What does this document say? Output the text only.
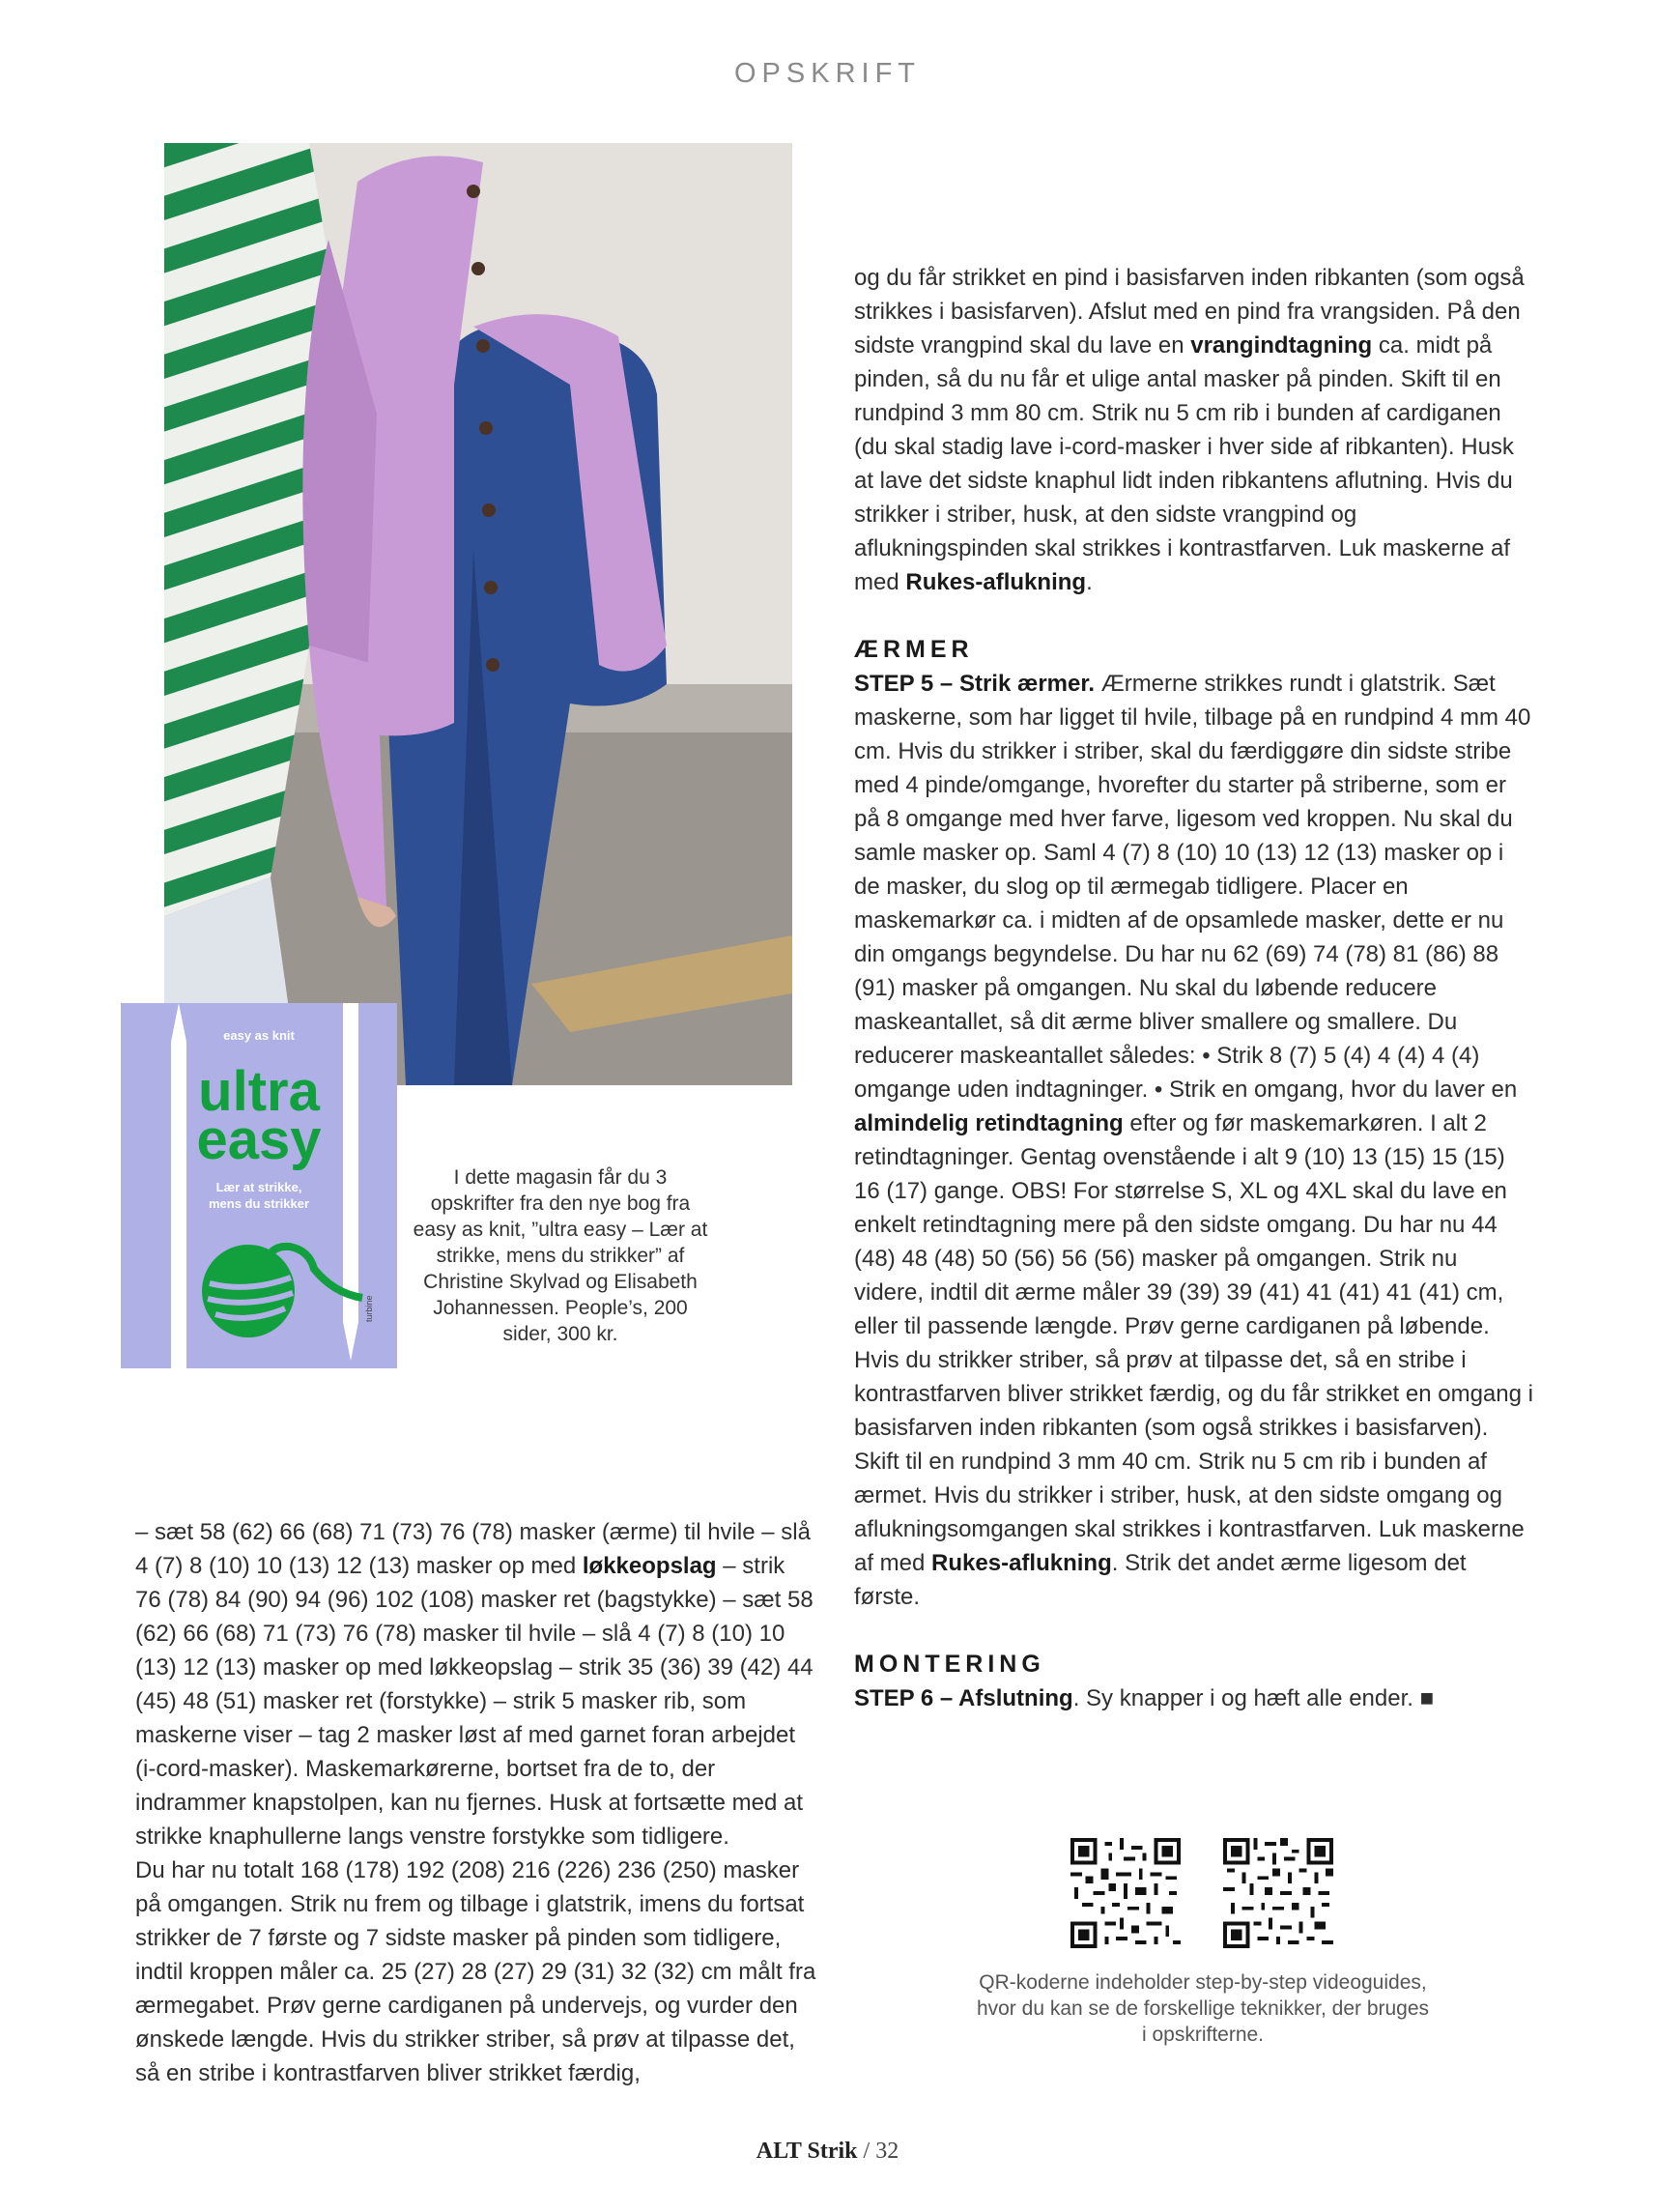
OPSKRIFT
easy as knit
ultra
easy
Lær at strikke,
mens du strikker
turbine
I dette magasin får du 3 opskrifter fra den nye bog fra easy as knit, ”ultra easy – Lær at strikke, mens du strikker” af Christine Skylvad og Elisabeth Johannessen. People’s, 200 sider, 300 kr.

og du får strikket en pind i basisfarven inden ribkanten (som også strikkes i basisfarven). Afslut med en pind fra vrangsiden. På den sidste vrangpind skal du lave en vrangindtagning ca. midt på pinden, så du nu får et ulige antal masker på pinden. Skift til en rundpind 3 mm 80 cm. Strik nu 5 cm rib i bunden af cardiganen (du skal stadig lave i-cord-masker i hver side af ribkanten). Husk at lave det sidste knaphul lidt inden ribkantens aflutning. Hvis du strikker i striber, husk, at den sidste vrangpind og aflukningspinden skal strikkes i kontrastfarven. Luk maskerne af med Rukes-aflukning.

ÆRMER

STEP 5 – Strik ærmer. Ærmerne strikkes rundt i glatstrik. Sæt maskerne, som har ligget til hvile, tilbage på en rundpind 4 mm 40 cm. Hvis du strikker i striber, skal du færdiggøre din sidste stribe med 4 pinde/omgange, hvorefter du starter på striberne, som er på 8 omgange med hver farve, ligesom ved kroppen. Nu skal du samle masker op. Saml 4 (7) 8 (10) 10 (13) 12 (13) masker op i de masker, du slog op til ærmegab tidligere. Placer en maskemarkør ca. i midten af de opsamlede masker, dette er nu din omgangs begyndelse. Du har nu 62 (69) 74 (78) 81 (86) 88 (91) masker på omgangen. Nu skal du løbende reducere maskeantallet, så dit ærme bliver smallere og smallere. Du reducerer maskeantallet således: • Strik 8 (7) 5 (4) 4 (4) 4 (4) omgange uden indtagninger. • Strik en omgang, hvor du laver en almindelig retindtagning efter og før maskemarkøren. I alt 2 retindtagninger. Gentag ovenstående i alt 9 (10) 13 (15) 15 (15) 16 (17) gange. OBS! For størrelse S, XL og 4XL skal du lave en enkelt retindtagning mere på den sidste omgang. Du har nu 44 (48) 48 (48) 50 (56) 56 (56) masker på omgangen. Strik nu videre, indtil dit ærme måler 39 (39) 39 (41) 41 (41) 41 (41) cm, eller til passende længde. Prøv gerne cardiganen på løbende. Hvis du strikker striber, så prøv at tilpasse det, så en stribe i kontrastfarven bliver strikket færdig, og du får strikket en omgang i basisfarven inden ribkanten (som også strikkes i basisfarven). Skift til en rundpind 3 mm 40 cm. Strik nu 5 cm rib i bunden af ærmet. Hvis du strikker i striber, husk, at den sidste omgang og aflukningsomgangen skal strikkes i kontrastfarven. Luk maskerne af med Rukes-aflukning. Strik det andet ærme ligesom det første.

MONTERING

STEP 6 – Afslutning. Sy knapper i og hæft alle ender. ■

– sæt 58 (62) 66 (68) 71 (73) 76 (78) masker (ærme) til hvile – slå 4 (7) 8 (10) 10 (13) 12 (13) masker op med løkkeopslag – strik 76 (78) 84 (90) 94 (96) 102 (108) masker ret (bagstykke) – sæt 58 (62) 66 (68) 71 (73) 76 (78) masker til hvile – slå 4 (7) 8 (10) 10 (13) 12 (13) masker op med løkkeopslag – strik 35 (36) 39 (42) 44 (45) 48 (51) masker ret (forstykke) – strik 5 masker rib, som maskerne viser – tag 2 masker løst af med garnet foran arbejdet (i-cord-masker). Maskemarkørerne, bortset fra de to, der indrammer knapstolpen, kan nu fjernes. Husk at fortsætte med at strikke knaphullerne langs venstre forstykke som tidligere.

Du har nu totalt 168 (178) 192 (208) 216 (226) 236 (250) masker på omgangen. Strik nu frem og tilbage i glatstrik, imens du fortsat strikker de 7 første og 7 sidste masker på pinden som tidligere, indtil kroppen måler ca. 25 (27) 28 (27) 29 (31) 32 (32) cm målt fra ærmegabet. Prøv gerne cardiganen på undervejs, og vurder den ønskede længde. Hvis du strikker striber, så prøv at tilpasse det, så en stribe i kontrastfarven bliver strikket færdig,

QR-koderne indeholder step-by-step videoguides, hvor du kan se de forskellige teknikker, der bruges i opskrifterne.
ALT Strik / 32
